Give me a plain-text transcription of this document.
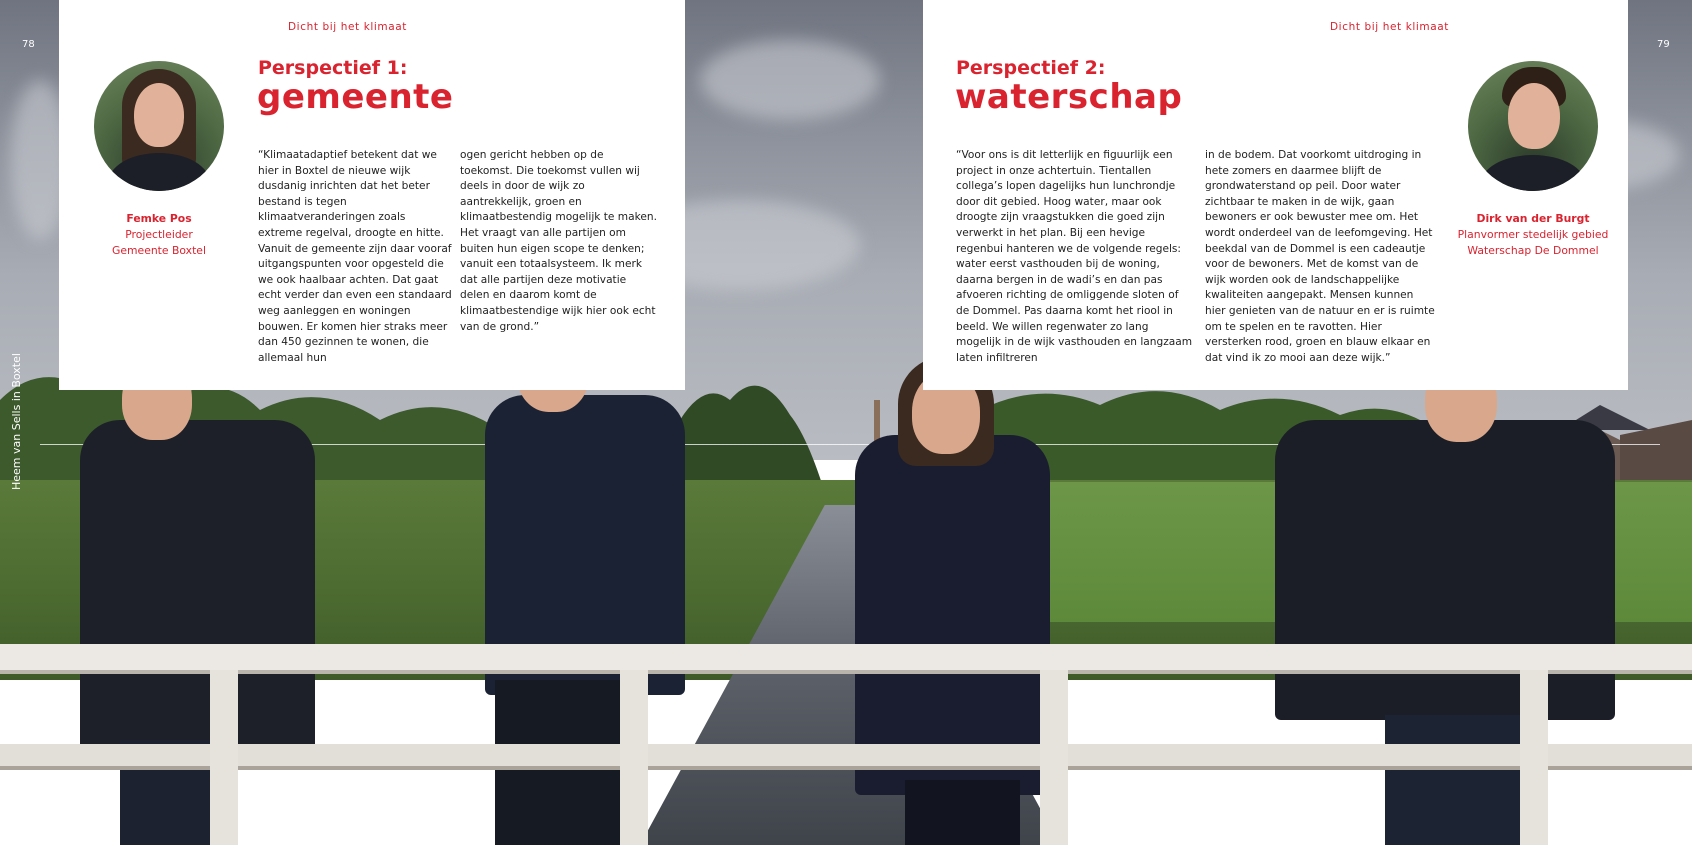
Heem van Sells in Boxtel
78	79
Dicht bij het klimaat
Femke Pos
Projectleider
Gemeente Boxtel
Perspectief 1:
gemeente

“Klimaatadaptief betekent dat we hier in Boxtel de nieuwe wijk dusdanig inrichten dat het beter bestand is tegen klimaatveranderingen zoals extreme regelval, droogte en hitte. Vanuit de gemeente zijn daar vooraf uitgangspunten voor opgesteld die we ook haalbaar achten. Dat gaat echt verder dan even een standaard weg aanleggen en woningen bouwen. Er komen hier straks meer dan 450 gezinnen te wonen, die allemaal hun

ogen gericht hebben op de toekomst. Die toekomst vullen wij deels in door de wijk zo aantrekkelijk, groen en klimaatbestendig mogelijk te maken. Het vraagt van alle partijen om buiten hun eigen scope te denken; vanuit een totaalsysteem. Ik merk dat alle partijen deze motivatie delen en daarom komt de klimaatbestendige wijk hier ook echt van de grond.”

Dicht bij het klimaat
Perspectief 2:
waterschap

“Voor ons is dit letterlijk en figuurlijk een project in onze achtertuin. Tientallen collega’s lopen dagelijks hun lunchrondje door dit gebied. Hoog water, maar ook droogte zijn vraagstukken die goed zijn verwerkt in het plan. Bij een hevige regenbui hanteren we de volgende regels: water eerst vasthouden bij de woning, daarna bergen in de wadi’s en dan pas afvoeren richting de omliggende sloten of de Dommel. Pas daarna komt het riool in beeld. We willen regenwater zo lang mogelijk in de wijk vasthouden en langzaam laten infiltreren

in de bodem. Dat voorkomt uitdroging in hete zomers en daarmee blijft de grondwaterstand op peil. Door water zichtbaar te maken in de wijk, gaan bewoners er ook bewuster mee om. Het wordt onderdeel van de leefomgeving. Het beekdal van de Dommel is een cadeautje voor de bewoners. Met de komst van de wijk worden ook de landschappelijke kwaliteiten aangepakt. Mensen kunnen hier genieten van de natuur en er is ruimte om te spelen en te ravotten. Hier versterken rood, groen en blauw elkaar en dat vind ik zo mooi aan deze wijk.”

Dirk van der Burgt
Planvormer stedelijk gebied
Waterschap De Dommel
